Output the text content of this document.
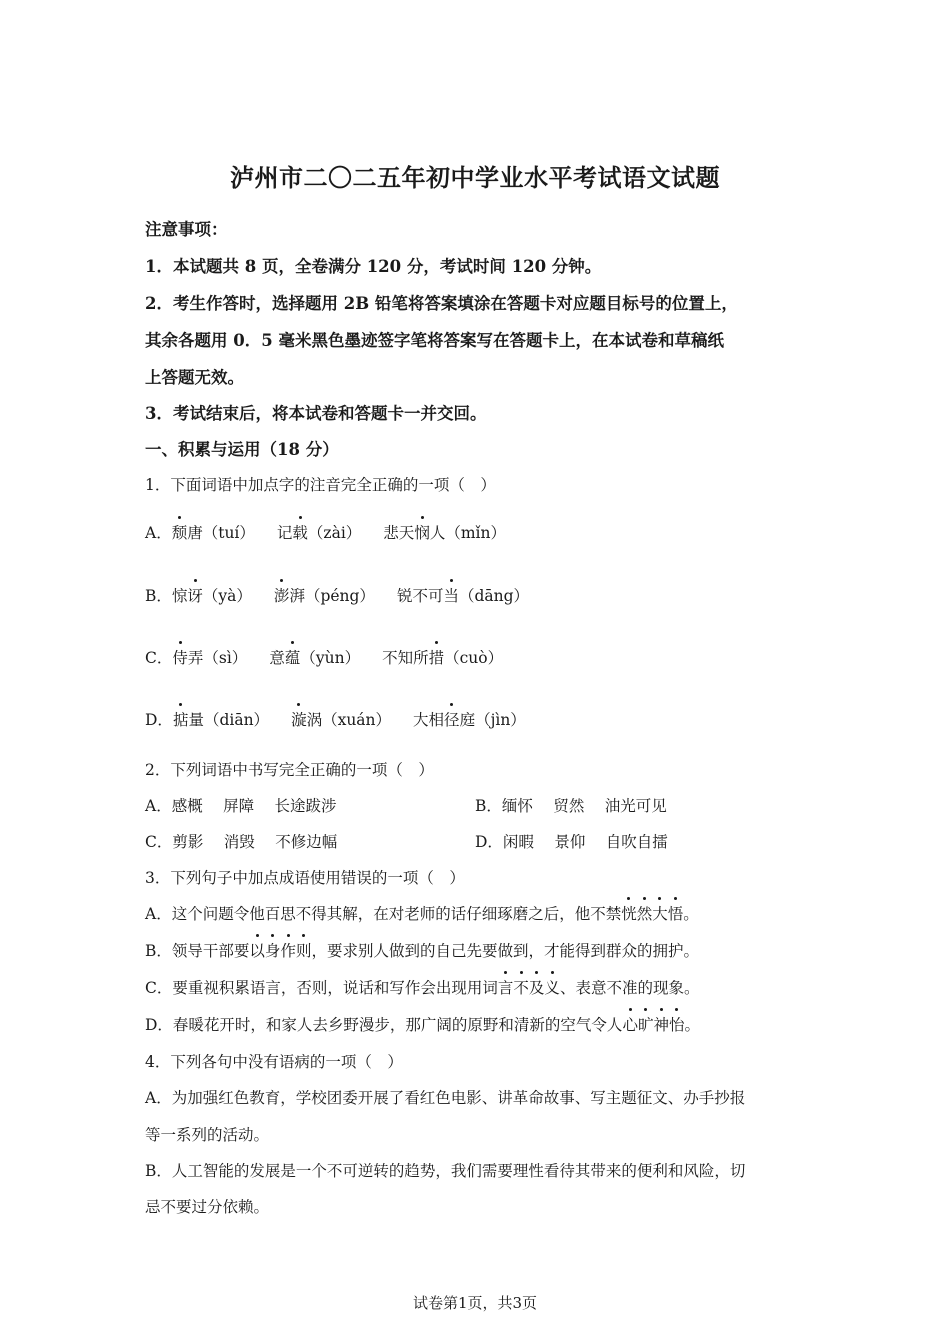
泸州市二〇二五年初中学业水平考试语文试题
注意事项：
1．本试题共 8 页，全卷满分 120 分，考试时间 120 分钟。
2．考生作答时，选择题用 2B 铅笔将答案填涂在答题卡对应题目标号的位置上，
其余各题用 0．5 毫米黑色墨迹签字笔将答案写在答题卡上，在本试卷和草稿纸
上答题无效。
3．考试结束后，将本试卷和答题卡一并交回。
一、积累与运用（18 分）
1．下面词语中加点字的注音完全正确的一项（　）
A．颓唐（tuí） 记载（zài） 悲天悯人（mǐn）
B．惊讶（yà） 澎湃（péng） 锐不可当（dāng）
C．侍弄（sì） 意蕴（yùn） 不知所措（cuò）
D．掂量（diān） 漩涡（xuán） 大相径庭（jìn）
2．下列词语中书写完全正确的一项（　）
A．感概　 屏障　 长途跋涉	B．缅怀　 贸然　 油光可见
C．剪影　 消毁　 不修边幅	D．闲暇　 景仰　 自吹自擂
3．下列句子中加点成语使用错误的一项（　）
A．这个问题令他百思不得其解，在对老师的话仔细琢磨之后，他不禁恍然大悟。
B．领导干部要以身作则，要求别人做到的自己先要做到，才能得到群众的拥护。
C．要重视积累语言，否则，说话和写作会出现用词言不及义、表意不准的现象。
D．春暖花开时，和家人去乡野漫步，那广阔的原野和清新的空气令人心旷神怡。
4．下列各句中没有语病的一项（　）
A．为加强红色教育，学校团委开展了看红色电影、讲革命故事、写主题征文、办手抄报
等一系列的活动。
B．人工智能的发展是一个不可逆转的趋势，我们需要理性看待其带来的便利和风险，切
忌不要过分依赖。
试卷第1页，共3页
